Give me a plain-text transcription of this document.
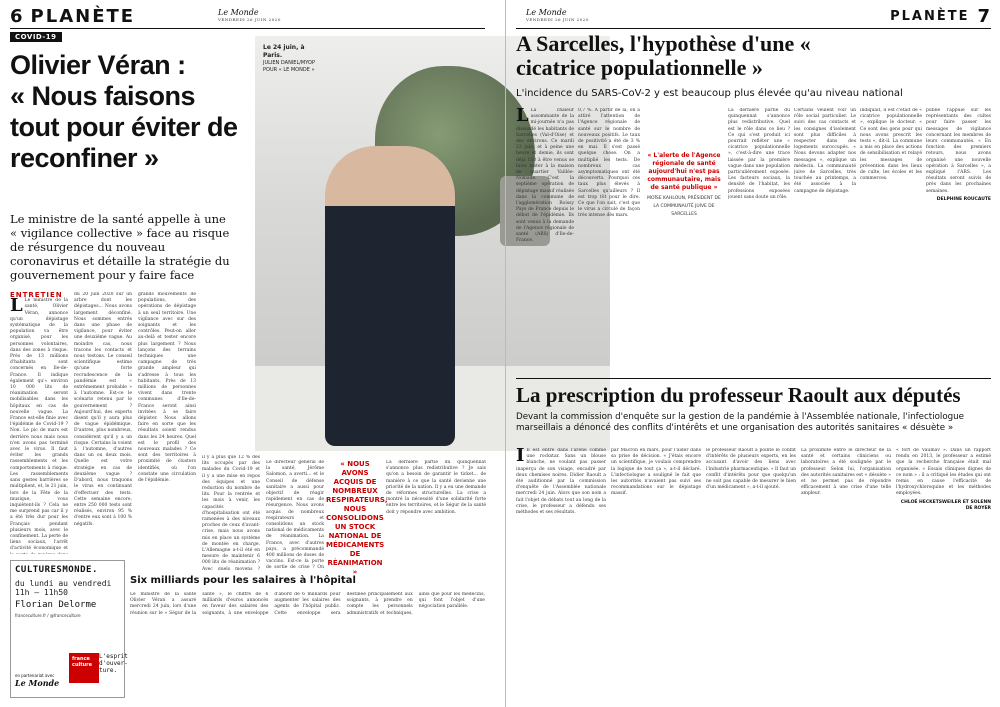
6 PLANÈTE	Le Monde
VENDREDI 26 JUIN 2020
COVID-19
Olivier Véran :
« Nous faisons tout pour éviter de reconfiner »

Le ministre de la santé appelle à une « vigilance collective » face au risque de résurgence du nouveau coronavirus et détaille la stratégie du gouvernement pour y faire face

Le 24 juin, à Paris.
JULIEN DANIEL/MYOP POUR « LE MONDE »
ENTRETIEN
L Le ministre de la santé, Olivier Véran, annonce qu'un dépistage systématique de la population va être organisé, pour les personnes volontaires, dans des zones à risque. Près de 13 millions d'habitants sont concernés en Ile-de-France. Il indique également qu'« environ 10 000 lits de réanimation seront mobilisables dans les hôpitaux en cas de nouvelle vague. La France est-elle finie avec l'épidémie de Covid-19 ? Non. Le pic de mars est derrière nous mais nous n'en avons pas terminé avec le virus. Il faut éviter les grands rassemblements et les comportements à risque. Les rassemblements sans gestes barrières se multiplient, et, le 21 juin, lors de la Fête de la musique, vous inquiètent-ils ? Cela ne me surprend pas car il y a été très dur pour les Français pendant plusieurs mois, avec le confinement. La perte de liens sociaux, l'arrêt d'activité économique et
du 20 juin 2020 sur un arbre dont les dépistages... Nous avons largement déconfiné. Nous sommes entrés dans une phase de vigilance, pour éviter une deuxième vague. Au moindre cas, nous tracons les contacts et nous testons. Le conseil scientifique estime qu'une forte recrudescence de la pandémie est « extrêmement probable » à l'automne. Est-ce le scénario retenu par le gouvernement ? Aujourd'hui, des experts disent qu'il y aura plus de vague épidémique. D'autres, plus nombreux, considèrent qu'il y a un risque. Certains la voient à l'automne, d'autres dans un ou deux mois. Quelle est votre stratégie en cas de deuxième vague ? D'abord, nous traquons le virus en continuant d'effectuer des tests. Cette semaine encore, entre 250 000 tests sont réalisés, environ 95 % d'entre eux sont à 100 % négatifs.
grands mouvements de populations, des opérations de dépistage à un seul territoire. Une vigilance avec sur des soignants et les contrôles. Peut-on aller au-delà et tester encore plus largement ? Nous lançons des terrains techniques une campagne de très grande ampleur qui s'adresse à tous les habitants. Près de 13 millions de personnes vivent dans trente communes d'Ile-de-France seront ainsi invitées à se faire dépister. Nous allons faire en sorte que les résultats soient rendus dans les 24 heures. Quel est le profil des nouveaux malades ? Ce sont des territoires à proximité de clusters identifiés, où l'on constate une circulation de l'épidémie.
il y a plus que 12 % des lits occupés par des malades du Covid-19 et il y a une mise en repos des équipes et une reduction du nombre de lits. Pour la rentrée et les mois à venir, les capacités d'hospitalisation ont été ramenées à des niveaux proches de ceux d'avant-crise, mais nous avons mis en place un système de montée en charge. L'Allemagne a-t-il été en mesure de maintenir 6 000 lits de réanimation ? Avec quels moyens ?
Le directeur général de la santé, Jérôme Salomon, a averti... et le Conseil de défense sanitaire a aussi pour objectif de réagir rapidement en cas de résurgence. Nous avons acquis de nombreux respirateurs et consolidons un stock national de médicaments de réanimation. La France, avec d'autres pays, a précommandé 400 millions de doses de vaccins. Est-ce la porte de sortie de crise ? On
La dernière partie du quinquennat s'annonce plus redistributive ? Je sais qu'on a besoin de garantir le ticket... de manière à ce que la santé devienne une priorité de la nation. Il y a eu une demande de réformes structurelles. La crise a montré la nécessité d'une solidarité forte entre les territoires, et le Ségur de la santé doit y répondre avec ambition.
« NOUS AVONS ACQUIS DE NOMBREUX RESPIRATEURS, NOUS CONSOLIDONS UN STOCK NATIONAL DE MÉDICAMENTS DE RÉANIMATION »
CULTURESMONDE.
du lundi au vendredi 11h – 11h50
Florian Delorme
franceculture.fr / @franceculture
france culture
L'esprit d'ouver-ture.
en partenariat avec
Le Monde
Six milliards pour les salaires à l'hôpital
Le ministre de la santé Olivier Véran a assuré mercredi 24 juin, lors d'une réunion sur le « Ségur de la santé », le chiffre de 6 milliards d'euros annoncés en faveur des salaires des soignants, à une enveloppe d'abord de 6 milliards pour augmenter les salaires des agents de l'hôpital public. Cette enveloppe sera destinée principalement aux soignants, à prendre en compte les personnels administratifs et techniques, ainsi que pour les médecins, qui font l'objet d'une négociation parallèle.
Le Monde
VENDREDI 26 JUIN 2020	PLANÈTE 7
A Sarcelles, l'hypothèse d'une « cicatrice populationnelle »

L'incidence du SARS-CoV-2 y est beaucoup plus élevée qu'au niveau national

L La chaleur assommante de la mi-journée n'a pas dissuadé les habitants de Sarcelles (Val-d'Oise) et des environs. Ce mardi 23 juin, et à peine une heure et demie, ils sont déjà 150 à être venus se faire tester à la maison de quartier Vaillée-Nomade. C'est la septième opération de dépistage massif réalisée dans la commune de l'agglomération Roissy Pays de France depuis le début de l'épidémie. Ils sont venus à la demande de l'Agence régionale de santé (ARS) d'Ile-de-France.
0,7 %. A partir de là, on a attiré l'attention de l'Agence régionale de santé sur le nombre de nouveaux positifs. Le taux de positivité a été de 3 % en mai. Il s'est passé quelque chose. On a multiplié les tests. De nombreux cas asymptomatiques ont été découverts. Pourquoi ces taux plus élevés à Sarcelles qu'ailleurs ? Il est trop tôt pour le dire. Ce que l'on sait, c'est que le virus a circulé de façon très intense dès mars.
« L'alerte de l'Agence régionale de santé aujourd'hui n'est pas communautaire, mais de santé publique »
MOÏSE KAHLOUN, PRÉSIDENT DE LA COMMUNAUTÉ JUIVE DE SARCELLES
La dernière partie du quinquennat s'annonce plus redistributive. Quel est le rôle dans ce lieu ? Ce qui s'est produit ici pourrait refléter une « cicatrice populationnelle », c'est-à-dire une trace laissée par la première vague dans une population particulièrement exposée. Les facteurs sociaux, la densité de l'habitat, les professions exposées jouent sans doute un rôle.
Certains veulent voir un rôle social particulier. Le suivi des cas contacts et les consignes d'isolement sont plus difficiles à respecter dans des logements suroccupés. « Nous devons adapter nos messages », explique un médecin. La communauté juive de Sarcelles, très touchée au printemps, a été associée à la campagne de dépistage.
indiquait, il est c'était de « cicatrice populationnelle », explique le docteur. « Ce sont des gens pour qui nous avons prescrit les tests », dit-il. La commune a mis en place des actions de sensibilisation et relayé les messages de prévention dans les lieux de culte, les écoles et les commerces.
publié l'appuie sur les représentants des cultes pour faire passer les messages de vigilance concernant les membres de leurs communautés. « En fonction des premiers retours, nous avons organisé une nouvelle opération à Sarcelles », a expliqué l'ARS. Les résultats seront suivis de près dans les prochaines semaines.
DELPHINE ROUCAUTE
La prescription du professeur Raoult aux députés

Devant la commission d'enquête sur la gestion de la pandémie à l'Assemblée nationale, l'infectiologue marseillais a dénoncé des conflits d'intérêts et une organisation des autorités sanitaires « désuète »

I Il est entré dans l'arène comme une rockstar. Sans un blouse blanche, ne voulant pas passer inaperçu de son visage, encadré par deux chemises noires. Didier Raoult a été auditionné par la commission d'enquête de l'Assemblée nationale mercredi 24 juin. Alors que son nom a fait l'objet de débats tout au long de la crise, le professeur a défendu ses méthodes et ses résultats.
par Macron en mars, pour l'aider dans sa prise de décision. « J'étais encore un scientifique, je voulais comprendre la logique de tout ça », a-t-il déclaré. L'infectiologue a souligné le fait que les autorités n'avaient pas suivi ses recommandations sur le dépistage massif.
le professeur Raoult a pointé le conflit d'intérêts de plusieurs experts, en les accusant d'avoir des liens avec l'industrie pharmaceutique. « Il faut un conflit d'intérêts pour que quelqu'un ne soit pas capable de mesurer le bien d'un médicament », a-t-il ajouté.
La proximité entre le directeur de la santé et certains cliniciens ou laboratoires a été soulignée par le professeur. Selon lui, l'organisation des autorités sanitaires est « désuète » et ne permet pas de répondre efficacement à une crise d'une telle ampleur.
« fort de Vaulnav ». Dans un rapport rendu en 2013, le professeur a estimé que la recherche française était mal organisée. « Essais cliniques dignes de ce nom » : il a critiqué les études qui ont remis en cause l'efficacité de l'hydroxychloroquine et les méthodes employées.
CHLOÉ HECKETSWEILER ET SOLENN DE ROYER
